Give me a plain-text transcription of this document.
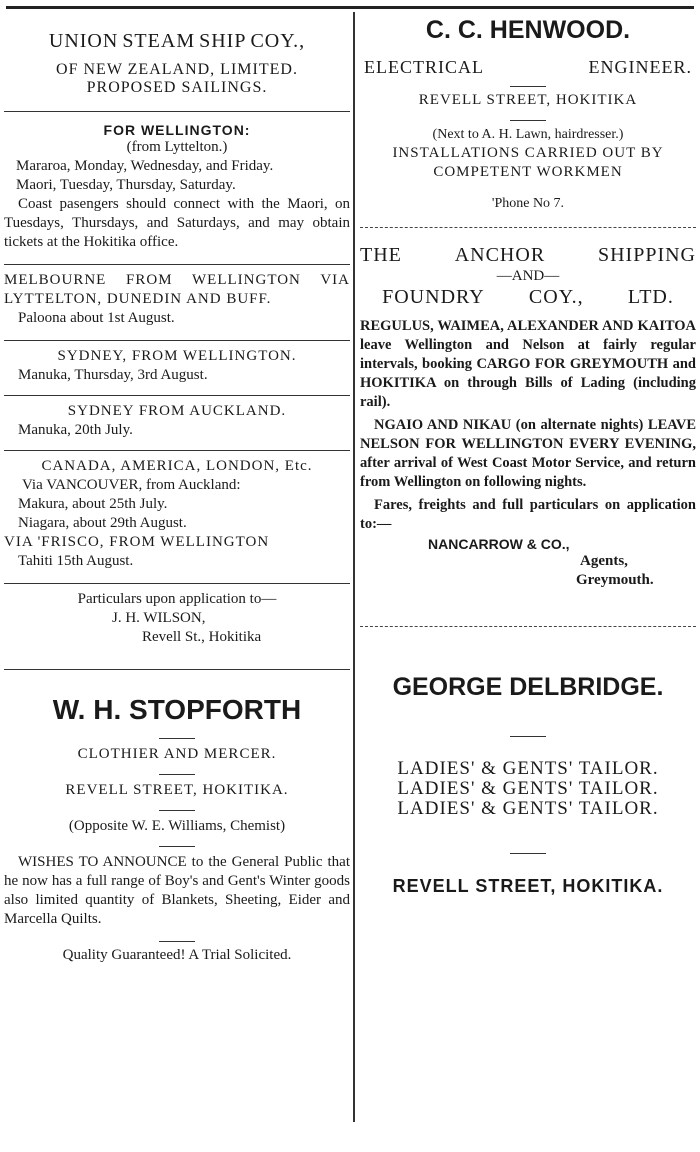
UNION STEAM SHIP COY.,

OF NEW ZEALAND, LIMITED.

PROPOSED SAILINGS.

FOR WELLINGTON:

(from Lyttelton.)

Mararoa, Monday, Wednesday, and Friday.

Maori, Tuesday, Thursday, Saturday.

Coast pasengers should connect with the Maori, on Tuesdays, Thursdays, and Saturdays, and may obtain tickets at the Hokitika office.

MELBOURNE FROM WELLINGTON VIA LYTTELTON, DUNEDIN AND BUFF.

Paloona about 1st August.

SYDNEY, FROM WELLINGTON.

Manuka, Thursday, 3rd August.

SYDNEY FROM AUCKLAND.

Manuka, 20th July.

CANADA, AMERICA, LONDON, Etc.

Via VANCOUVER, from Auckland:

Makura, about 25th July.

Niagara, about 29th August.

VIA 'FRISCO, FROM WELLINGTON

Tahiti 15th August.

Particulars upon application to—

J. H. WILSON,

Revell St., Hokitika

W. H. STOPFORTH

CLOTHIER AND MERCER.

REVELL STREET, HOKITIKA.

(Opposite W. E. Williams, Chemist)

WISHES TO ANNOUNCE to the General Public that he now has a full range of Boy's and Gent's Winter goods also limited quantity of Blankets, Sheeting, Eider and Marcella Quilts.

Quality Guaranteed! A Trial Solicited.

C. C. HENWOOD.

ELECTRICAL	ENGINEER.

REVELL STREET, HOKITIKA

(Next to A. H. Lawn, hairdresser.)

INSTALLATIONS CARRIED OUT BY COMPETENT WORKMEN

'Phone No 7.

THE	ANCHOR	SHIPPING

—AND—

FOUNDRY COY., LTD.

REGULUS, WAIMEA, ALEXANDER AND KAITOA leave Wellington and Nelson at fairly regular intervals, booking CARGO FOR GREYMOUTH and HOKITIKA on through Bills of Lading (including rail).

NGAIO AND NIKAU (on alternate nights) LEAVE NELSON FOR WELLINGTON EVERY EVENING, after arrival of West Coast Motor Service, and return from Wellington on following nights.

Fares, freights and full particulars on application to:—

NANCARROW & CO.,

Agents,

Greymouth.

GEORGE DELBRIDGE.

LADIES' & GENTS' TAILOR.

LADIES' & GENTS' TAILOR.

LADIES' & GENTS' TAILOR.

REVELL STREET, HOKITIKA.
